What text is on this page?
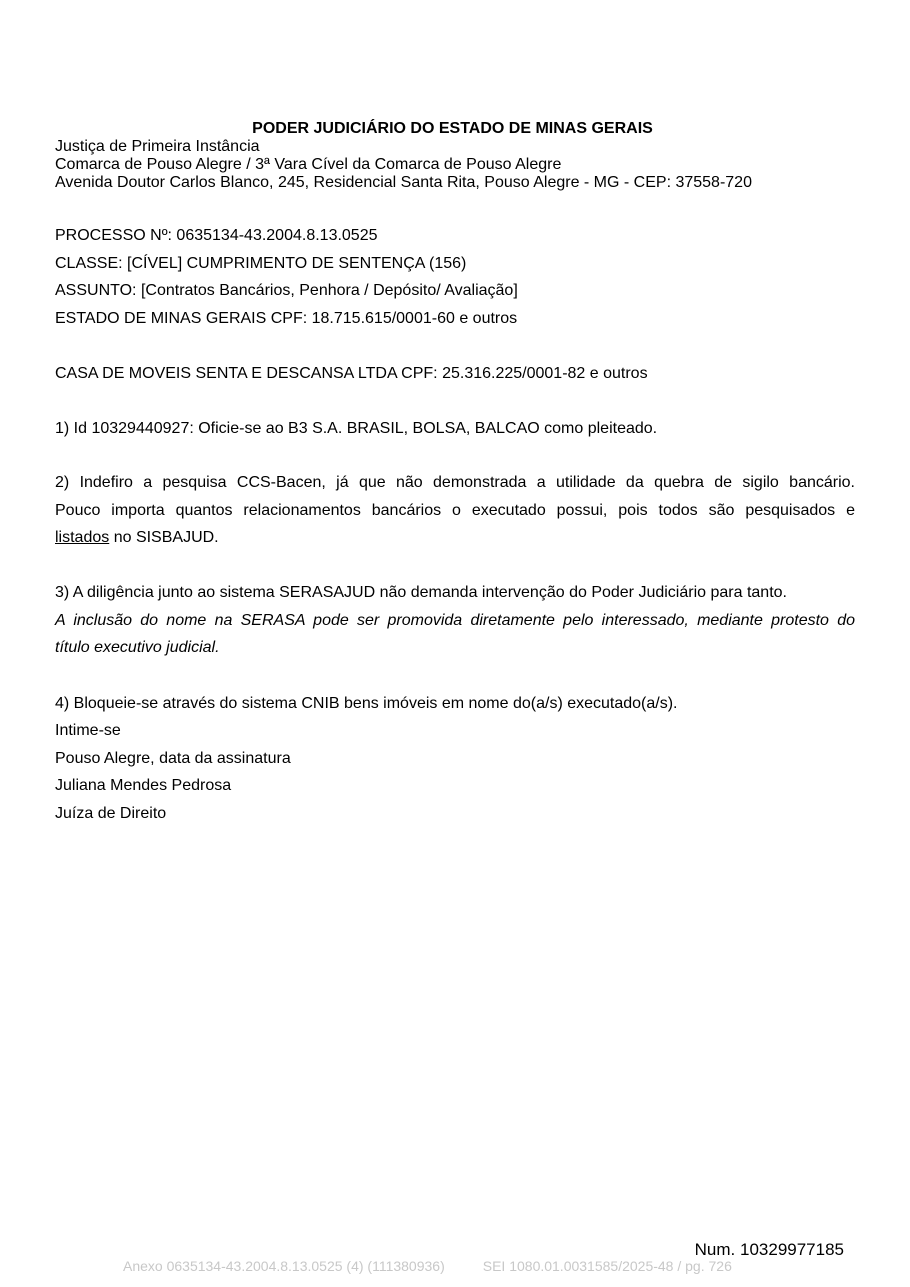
PODER JUDICIÁRIO DO ESTADO DE MINAS GERAIS
Justiça de Primeira Instância
Comarca de Pouso Alegre / 3ª Vara Cível da Comarca de Pouso Alegre
Avenida Doutor Carlos Blanco, 245, Residencial Santa Rita, Pouso Alegre - MG - CEP: 37558-720
PROCESSO Nº: 0635134-43.2004.8.13.0525
CLASSE: [CÍVEL] CUMPRIMENTO DE SENTENÇA (156)
ASSUNTO: [Contratos Bancários, Penhora / Depósito/ Avaliação]
ESTADO DE MINAS GERAIS CPF: 18.715.615/0001-60 e outros
CASA DE MOVEIS SENTA E DESCANSA LTDA CPF: 25.316.225/0001-82 e outros
1) Id 10329440927: Oficie-se ao B3 S.A. BRASIL, BOLSA, BALCAO como pleiteado.
2) Indefiro a pesquisa CCS-Bacen, já que não demonstrada a utilidade da quebra de sigilo bancário.
Pouco importa quantos relacionamentos bancários o executado possui, pois todos são pesquisados e
listados no SISBAJUD.
3) A diligência junto ao sistema SERASAJUD não demanda intervenção do Poder Judiciário para tanto.
A inclusão do nome na SERASA pode ser promovida diretamente pelo interessado, mediante protesto do
título executivo judicial.
4) Bloqueie-se através do sistema CNIB bens imóveis em nome do(a/s) executado(a/s).
Intime-se
Pouso Alegre, data da assinatura
Juliana Mendes Pedrosa
Juíza de Direito
Num. 10329977185
Anexo 0635134-43.2004.8.13.0525 (4) (111380936)	SEI 1080.01.0031585/2025-48 / pg. 726
